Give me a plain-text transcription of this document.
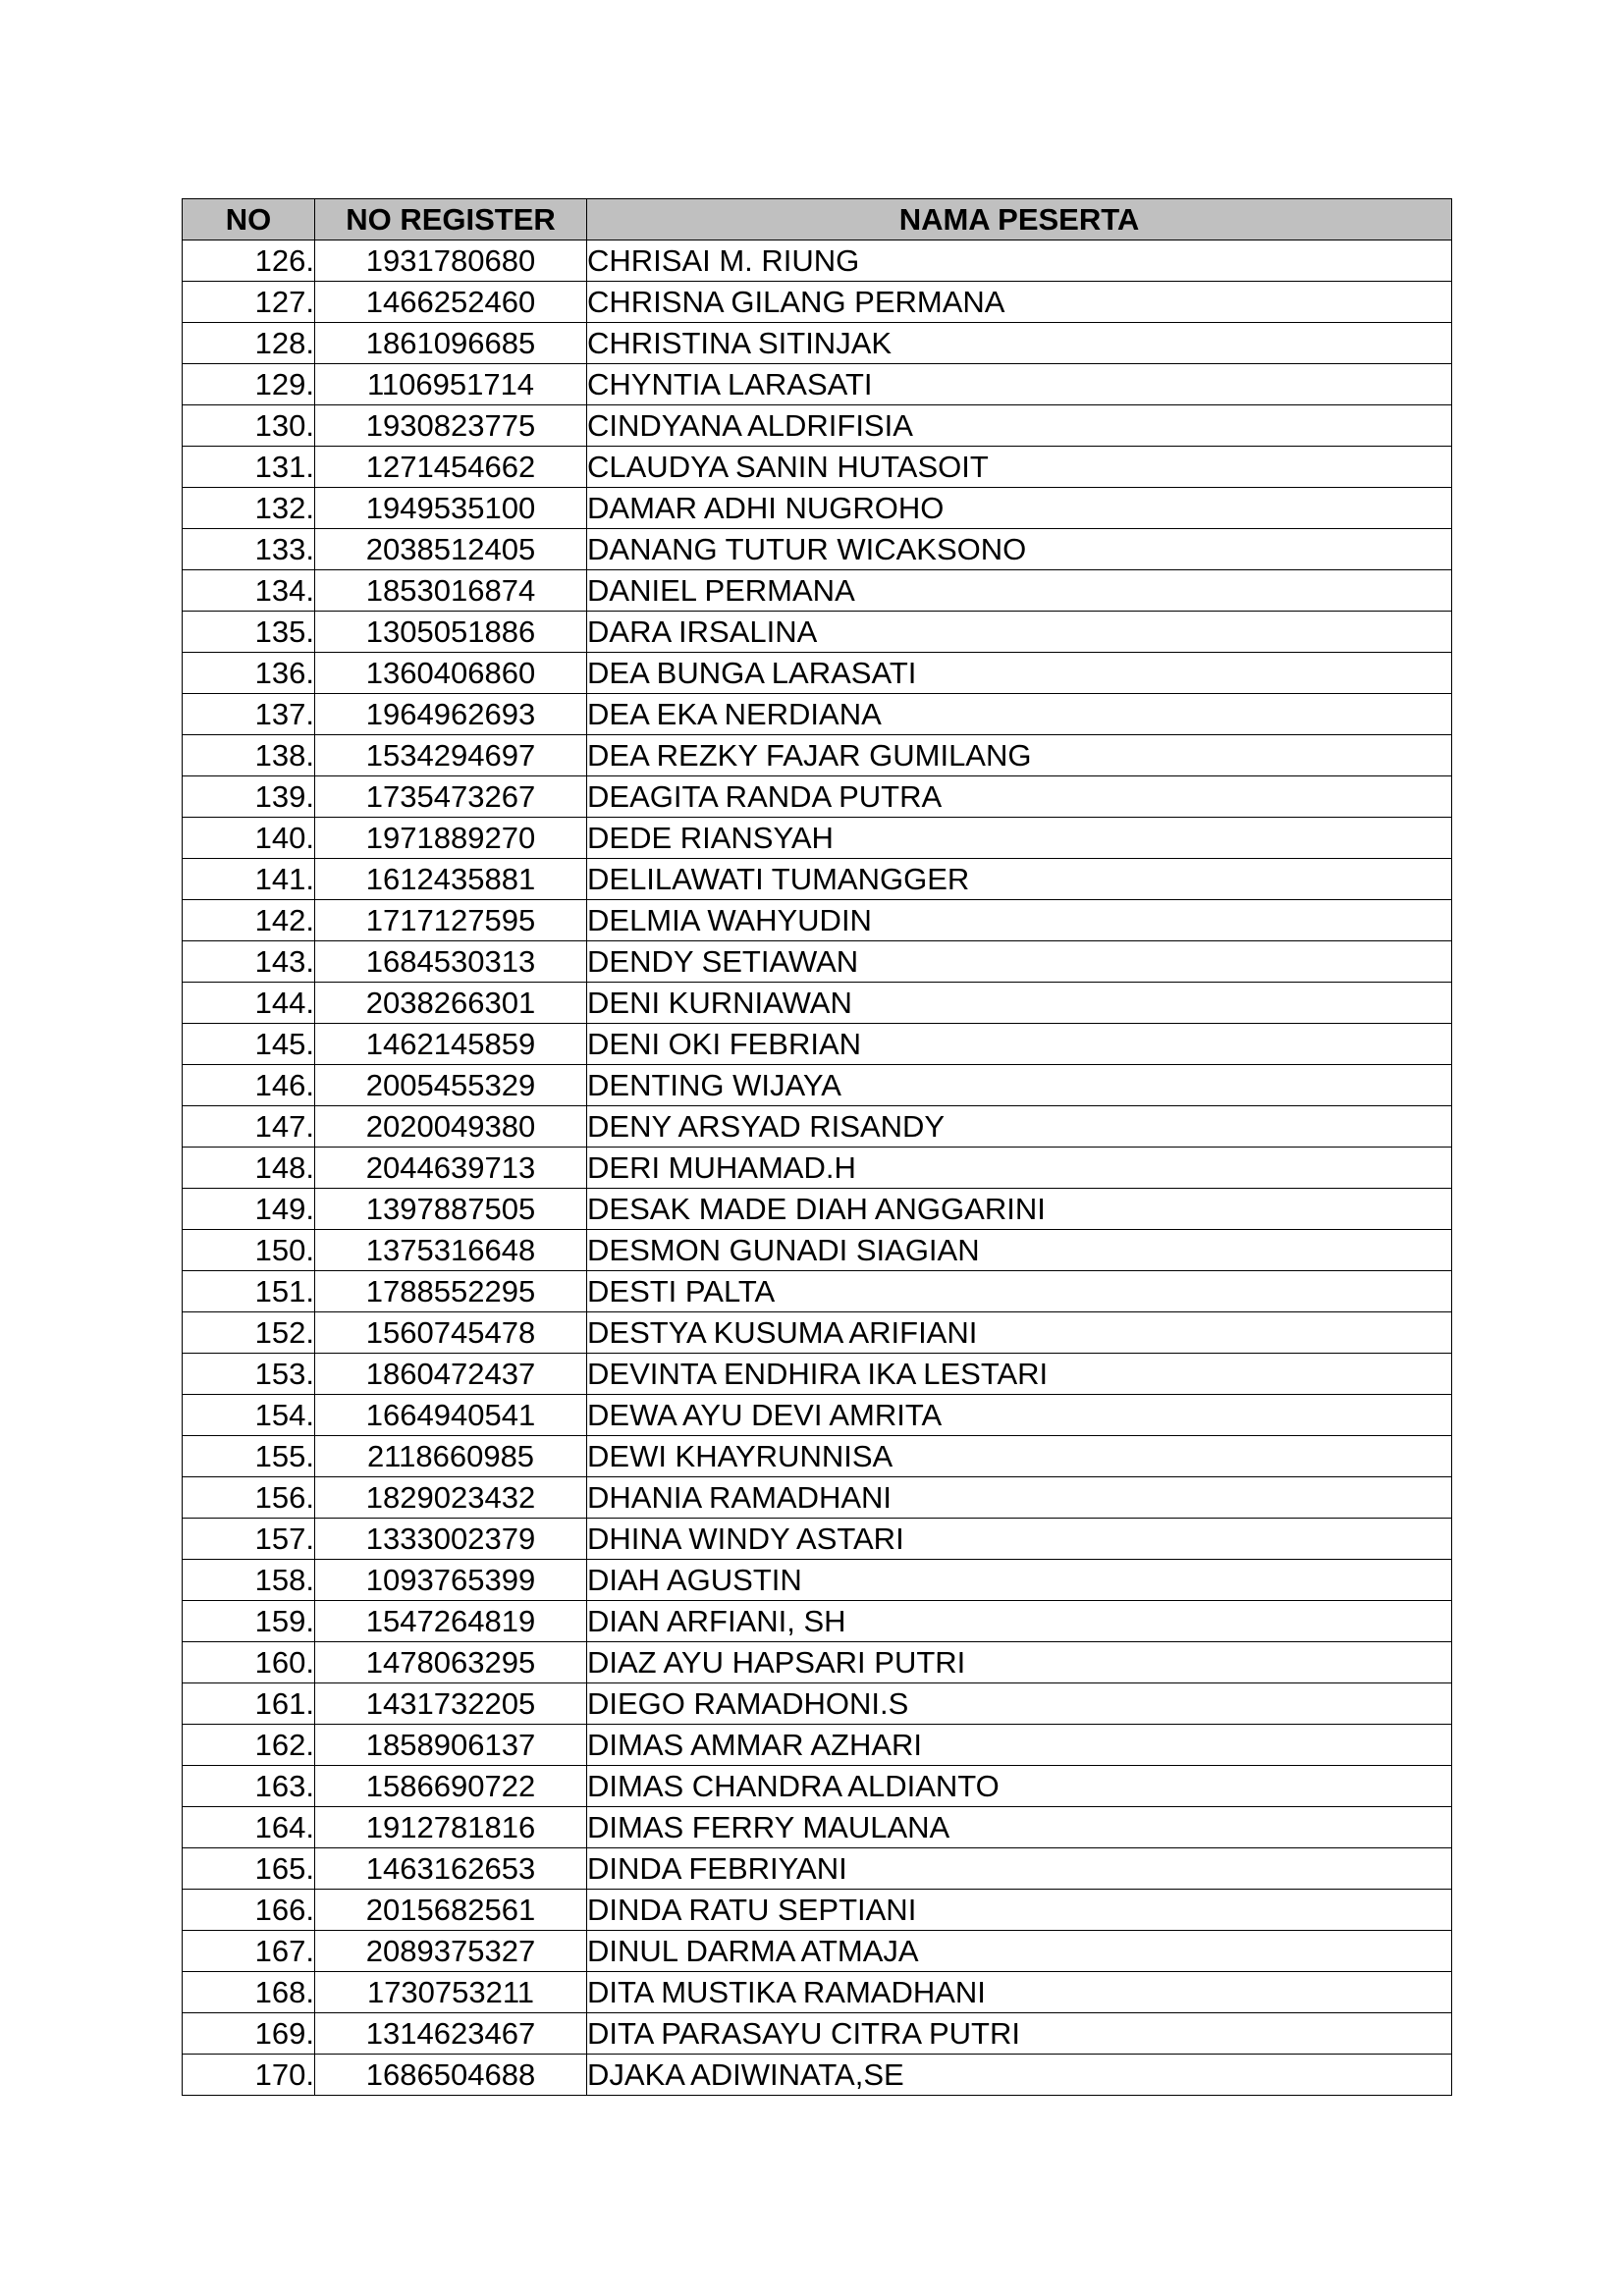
NO	NO REGISTER	NAMA PESERTA
126.	1931780680	CHRISAI M. RIUNG
127.	1466252460	CHRISNA GILANG PERMANA
128.	1861096685	CHRISTINA SITINJAK
129.	1106951714	CHYNTIA LARASATI
130.	1930823775	CINDYANA ALDRIFISIA
131.	1271454662	CLAUDYA SANIN HUTASOIT
132.	1949535100	DAMAR ADHI NUGROHO
133.	2038512405	DANANG TUTUR WICAKSONO
134.	1853016874	DANIEL PERMANA
135.	1305051886	DARA IRSALINA
136.	1360406860	DEA BUNGA LARASATI
137.	1964962693	DEA EKA NERDIANA
138.	1534294697	DEA REZKY FAJAR GUMILANG
139.	1735473267	DEAGITA RANDA PUTRA
140.	1971889270	DEDE RIANSYAH
141.	1612435881	DELILAWATI TUMANGGER
142.	1717127595	DELMIA WAHYUDIN
143.	1684530313	DENDY SETIAWAN
144.	2038266301	DENI KURNIAWAN
145.	1462145859	DENI OKI FEBRIAN
146.	2005455329	DENTING WIJAYA
147.	2020049380	DENY ARSYAD RISANDY
148.	2044639713	DERI MUHAMAD.H
149.	1397887505	DESAK MADE DIAH ANGGARINI
150.	1375316648	DESMON GUNADI SIAGIAN
151.	1788552295	DESTI PALTA
152.	1560745478	DESTYA KUSUMA ARIFIANI
153.	1860472437	DEVINTA ENDHIRA IKA LESTARI
154.	1664940541	DEWA AYU DEVI AMRITA
155.	2118660985	DEWI KHAYRUNNISA
156.	1829023432	DHANIA RAMADHANI
157.	1333002379	DHINA WINDY ASTARI
158.	1093765399	DIAH AGUSTIN
159.	1547264819	DIAN ARFIANI, SH
160.	1478063295	DIAZ AYU HAPSARI PUTRI
161.	1431732205	DIEGO RAMADHONI.S
162.	1858906137	DIMAS AMMAR AZHARI
163.	1586690722	DIMAS CHANDRA ALDIANTO
164.	1912781816	DIMAS FERRY MAULANA
165.	1463162653	DINDA FEBRIYANI
166.	2015682561	DINDA RATU SEPTIANI
167.	2089375327	DINUL DARMA ATMAJA
168.	1730753211	DITA MUSTIKA RAMADHANI
169.	1314623467	DITA PARASAYU CITRA PUTRI
170.	1686504688	DJAKA ADIWINATA,SE
